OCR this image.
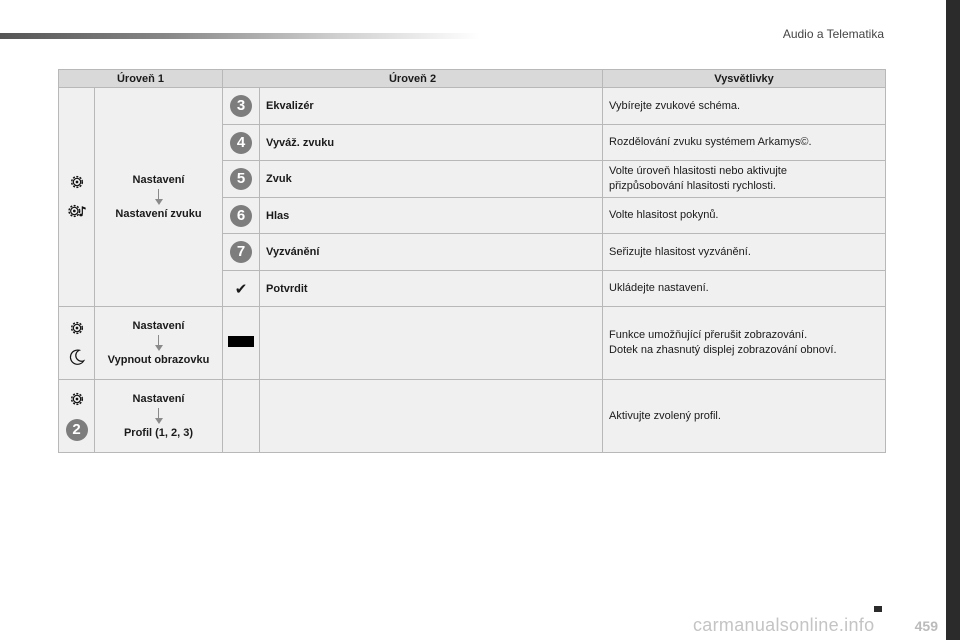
Audio a Telematika
Úroveň 1		Úroveň 2		Vysvětlivky

Nastavení
Nastavení zvuku	3	Ekvalizér	Vybírejte zvukové schéma.

		4	Vyváž. zvuku	Rozdělování zvuku systémem Arkamys©.

		5	Zvuk	Volte úroveň hlasitosti nebo aktivujte
přizpůsobování hlasitosti rychlosti.

		6	Hlas	Volte hlasitost pokynů.

		7	Vyzvánění	Seřizujte hlasitost vyzvánění.

		✔	Potvrdit	Ukládejte nastavení.

Nastavení
Vypnout obrazovku			Funkce umožňující přerušit zobrazování.
Dotek na zhasnutý displej zobrazování obnoví.

2	Nastavení
Profil (1, 2, 3)			Aktivujte zvolený profil.
carmanualsonline.info	459
